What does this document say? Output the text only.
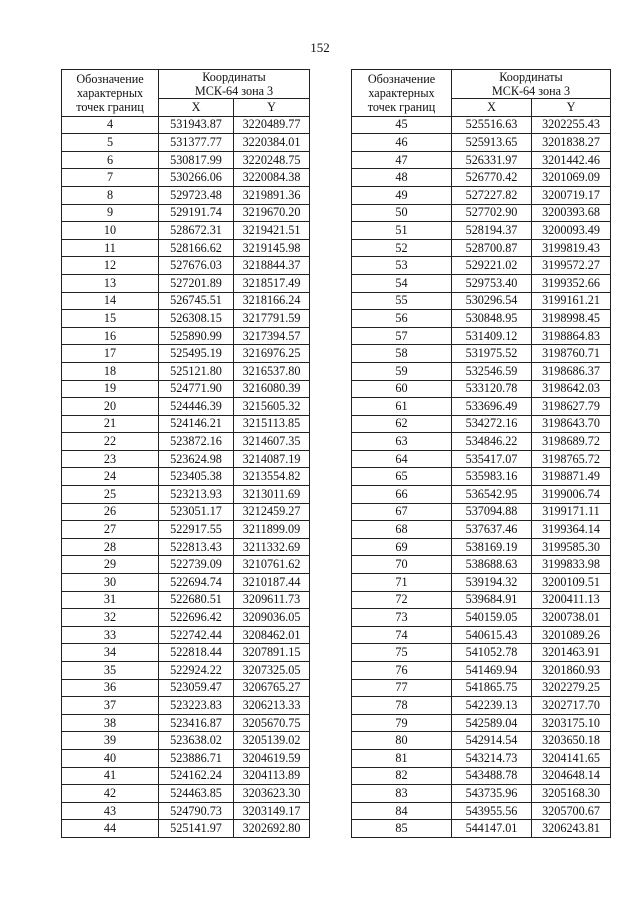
152
Обозначение
характерных
точек границ	Координаты
МСК-64 зона 3	
	X	Y
4	531943.87	3220489.77
5	531377.77	3220384.01
6	530817.99	3220248.75
7	530266.06	3220084.38
8	529723.48	3219891.36
9	529191.74	3219670.20
10	528672.31	3219421.51
11	528166.62	3219145.98
12	527676.03	3218844.37
13	527201.89	3218517.49
14	526745.51	3218166.24
15	526308.15	3217791.59
16	525890.99	3217394.57
17	525495.19	3216976.25
18	525121.80	3216537.80
19	524771.90	3216080.39
20	524446.39	3215605.32
21	524146.21	3215113.85
22	523872.16	3214607.35
23	523624.98	3214087.19
24	523405.38	3213554.82
25	523213.93	3213011.69
26	523051.17	3212459.27
27	522917.55	3211899.09
28	522813.43	3211332.69
29	522739.09	3210761.62
30	522694.74	3210187.44
31	522680.51	3209611.73
32	522696.42	3209036.05
33	522742.44	3208462.01
34	522818.44	3207891.15
35	522924.22	3207325.05
36	523059.47	3206765.27
37	523223.83	3206213.33
38	523416.87	3205670.75
39	523638.02	3205139.02
40	523886.71	3204619.59
41	524162.24	3204113.89
42	524463.85	3203623.30
43	524790.73	3203149.17
44	525141.97	3202692.80
Обозначение
характерных
точек границ	Координаты
МСК-64 зона 3	
	X	Y
45	525516.63	3202255.43
46	525913.65	3201838.27
47	526331.97	3201442.46
48	526770.42	3201069.09
49	527227.82	3200719.17
50	527702.90	3200393.68
51	528194.37	3200093.49
52	528700.87	3199819.43
53	529221.02	3199572.27
54	529753.40	3199352.66
55	530296.54	3199161.21
56	530848.95	3198998.45
57	531409.12	3198864.83
58	531975.52	3198760.71
59	532546.59	3198686.37
60	533120.78	3198642.03
61	533696.49	3198627.79
62	534272.16	3198643.70
63	534846.22	3198689.72
64	535417.07	3198765.72
65	535983.16	3198871.49
66	536542.95	3199006.74
67	537094.88	3199171.11
68	537637.46	3199364.14
69	538169.19	3199585.30
70	538688.63	3199833.98
71	539194.32	3200109.51
72	539684.91	3200411.13
73	540159.05	3200738.01
74	540615.43	3201089.26
75	541052.78	3201463.91
76	541469.94	3201860.93
77	541865.75	3202279.25
78	542239.13	3202717.70
79	542589.04	3203175.10
80	542914.54	3203650.18
81	543214.73	3204141.65
82	543488.78	3204648.14
83	543735.96	3205168.30
84	543955.56	3205700.67
85	544147.01	3206243.81
